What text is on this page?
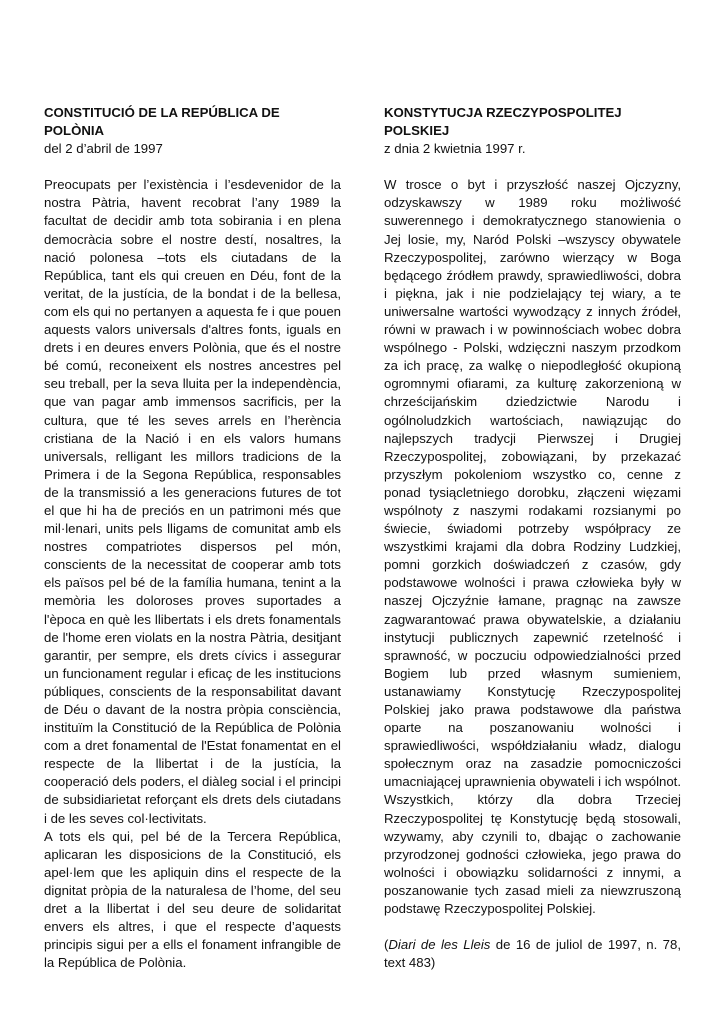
CONSTITUCIÓ DE LA REPÚBLICA DE POLÒNIA

del 2 d’abril de 1997

Preocupats per l’existència i l’esdevenidor de la nostra Pàtria, havent recobrat l’any 1989 la facultat de decidir amb tota sobirania i en plena democràcia sobre el nostre destí, nosaltres, la nació polonesa –tots els ciutadans de la República, tant els qui creuen en Déu, font de la veritat, de la justícia, de la bondat i de la bellesa, com els qui no pertanyen a aquesta fe i que pouen aquests valors universals d'altres fonts, iguals en drets i en deures envers Polònia, que és el nostre bé comú, reconeixent els nostres ancestres pel seu treball, per la seva lluita per la independència, que van pagar amb immensos sacrificis, per la cultura, que té les seves arrels en l’herència cristiana de la Nació i en els valors humans universals, relligant les millors tradicions de la Primera i de la Segona República, responsables de la transmissió a les generacions futures de tot el que hi ha de preciós en un patrimoni més que mil·lenari, units pels lligams de comunitat amb els nostres compatriotes dispersos pel món, conscients de la necessitat de cooperar amb tots els països pel bé de la família humana, tenint a la memòria les doloroses proves suportades a l'època en què les llibertats i els drets fonamentals de l'home eren violats en la nostra Pàtria, desitjant garantir, per sempre, els drets cívics i assegurar un funcionament regular i eficaç de les institucions públiques, conscients de la responsabilitat davant de Déu o davant de la nostra pròpia consciència, instituïm la Constitució de la República de Polònia com a dret fonamental de l'Estat fonamentat en el respecte de la llibertat i de la justícia, la cooperació dels poders, el diàleg social i el principi de subsidiarietat reforçant els drets dels ciutadans i de les seves col·lectivitats.

A tots els qui, pel bé de la Tercera República, aplicaran les disposicions de la Constitució, els apel·lem que les apliquin dins el respecte de la dignitat pròpia de la naturalesa de l’home, del seu dret a la llibertat i del seu deure de solidaritat envers els altres, i que el respecte d’aquests principis sigui per a ells el fonament infrangible de la República de Polònia.

KONSTYTUCJA RZECZYPOSPOLITEJ POLSKIEJ

z dnia 2 kwietnia 1997 r.

W trosce o byt i przyszłość naszej Ojczyzny, odzyskawszy w 1989 roku możliwość suwerennego i demokratycznego stanowienia o Jej losie, my, Naród Polski –wszyscy obywatele Rzeczypospolitej, zarówno wierzący w Boga będącego źródłem prawdy, sprawiedliwości, dobra i piękna, jak i nie podzielający tej wiary, a te uniwersalne wartości wywodzący z innych źródeł, równi w prawach i w powinnościach wobec dobra wspólnego - Polski, wdzięczni naszym przodkom za ich pracę, za walkę o niepodległość okupioną ogromnymi ofiarami, za kulturę zakorzenioną w chrześcijańskim dziedzictwie Narodu i ogólnoludzkich wartościach, nawiązując do najlepszych tradycji Pierwszej i Drugiej Rzeczypospolitej, zobowiązani, by przekazać przyszłym pokoleniom wszystko co, cenne z ponad tysiącletniego dorobku, złączeni więzami wspólnoty z naszymi rodakami rozsianymi po świecie, świadomi potrzeby współpracy ze wszystkimi krajami dla dobra Rodziny Ludzkiej, pomni gorzkich doświadczeń z czasów, gdy podstawowe wolności i prawa człowieka były w naszej Ojczyźnie łamane, pragnąc na zawsze zagwarantować prawa obywatelskie, a działaniu instytucji publicznych zapewnić rzetelność i sprawność, w poczuciu odpowiedzialności przed Bogiem lub przed własnym sumieniem, ustanawiamy Konstytucję Rzeczypospolitej Polskiej jako prawa podstawowe dla państwa oparte na poszanowaniu wolności i sprawiedliwości, współdziałaniu władz, dialogu społecznym oraz na zasadzie pomocniczości umacniającej uprawnienia obywateli i ich wspólnot. Wszystkich, którzy dla dobra Trzeciej Rzeczypospolitej tę Konstytucję będą stosowali, wzywamy, aby czynili to, dbając o zachowanie przyrodzonej godności człowieka, jego prawa do wolności i obowiązku solidarności z innymi, a poszanowanie tych zasad mieli za niewzruszoną podstawę Rzeczypospolitej Polskiej.

(Diari de les Lleis de 16 de juliol de 1997, n. 78, text 483)
